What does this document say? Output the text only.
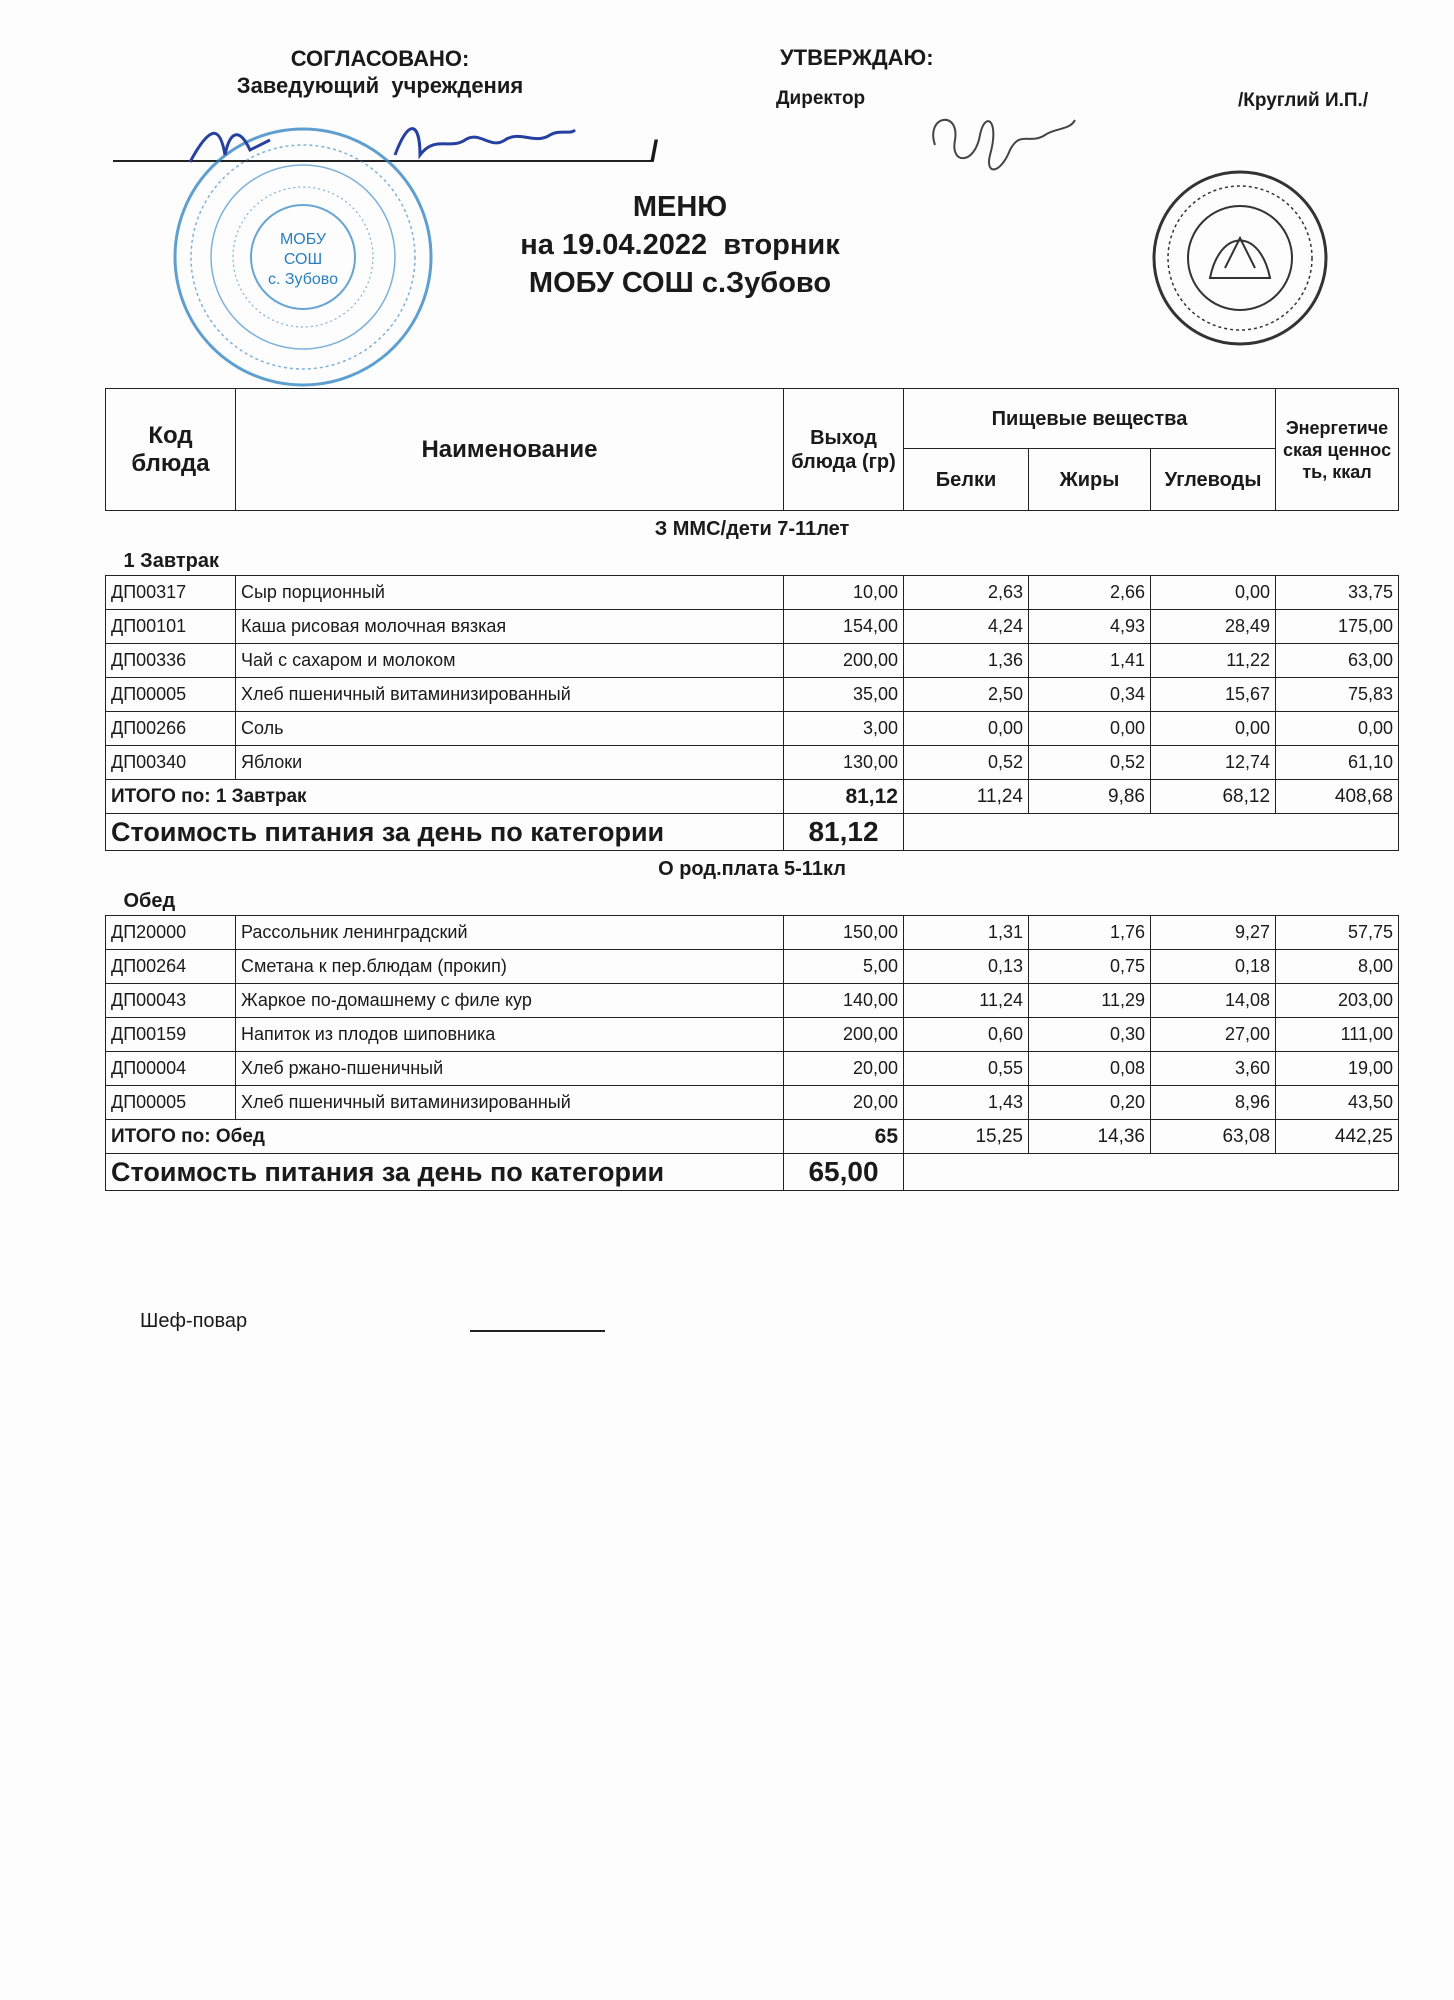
СОГЛАСОВАНО:
Заведующий  учреждения
УТВЕРЖДАЮ:
Директор	/Круглий И.П./
/
МОБУ
СОШ
с. Зубово
МЕНЮ
на 19.04.2022  вторник
МОБУ СОШ с.Зубово
Код блюда	Наименование	Выход блюда (гр)	Пищевые вещества			Энергетическая ценность, ккал
			Белки	Жиры	Углеводы	
З ММС/дети 7-11лет						
1 Завтрак						
ДП00317	Сыр порционный	10,00	2,63	2,66	0,00	33,75
ДП00101	Каша рисовая молочная вязкая	154,00	4,24	4,93	28,49	175,00
ДП00336	Чай с сахаром и молоком	200,00	1,36	1,41	11,22	63,00
ДП00005	Хлеб пшеничный витаминизированный	35,00	2,50	0,34	15,67	75,83
ДП00266	Соль	3,00	0,00	0,00	0,00	0,00
ДП00340	Яблоки	130,00	0,52	0,52	12,74	61,10
ИТОГО по: 1 Завтрак		81,12	11,24	9,86	68,12	408,68
Стоимость питания за день по категории		81,12				
О род.плата 5-11кл						
Обед						
ДП20000	Рассольник ленинградский	150,00	1,31	1,76	9,27	57,75
ДП00264	Сметана к пер.блюдам (прокип)	5,00	0,13	0,75	0,18	8,00
ДП00043	Жаркое по-домашнему с филе кур	140,00	11,24	11,29	14,08	203,00
ДП00159	Напиток из плодов шиповника	200,00	0,60	0,30	27,00	111,00
ДП00004	Хлеб ржано-пшеничный	20,00	0,55	0,08	3,60	19,00
ДП00005	Хлеб пшеничный витаминизированный	20,00	1,43	0,20	8,96	43,50
ИТОГО по: Обед		65	15,25	14,36	63,08	442,25
Стоимость питания за день по категории		65,00				
Шеф-повар
